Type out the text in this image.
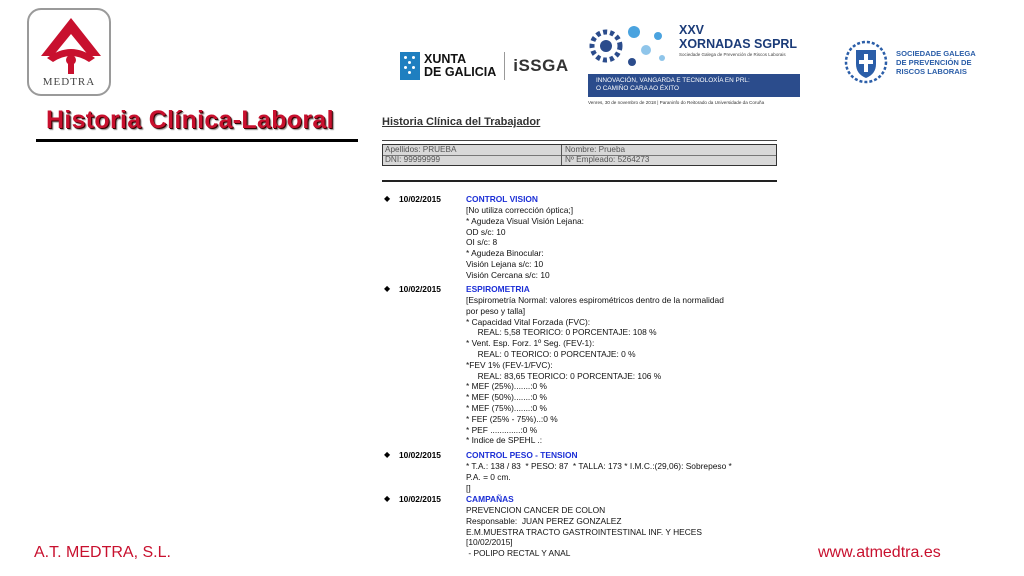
MEDTRA
Historia Clínica-Laboral
XUNTA
DE GALICIA iSSGA
XXV
XORNADAS SGPRL
Sociedade Galega de Prevención de Riscos Laborais
INNOVACIÓN, VANGARDA E TECNOLOXÍA EN PRL:
O CAMIÑO CARA AO ÉXITO
Venres, 30 de novembro de 2018 | Paraninfo do Reitorado da Universidade da Coruña
SOCIEDADE GALEGA
DE PREVENCIÓN DE
RISCOS LABORAIS
Historia Clínica del Trabajador
Apellidos: PRUEBA	Nombre: Prueba
DNI: 99999999	Nº Empleado: 5264273
◆ 10/02/2015	CONTROL VISION
[No utiliza corrección óptica;]
* Agudeza Visual Visión Lejana:
OD s/c: 10
OI s/c: 8
* Agudeza Binocular:
Visión Lejana s/c: 10
Visión Cercana s/c: 10
◆ 10/02/2015	ESPIROMETRIA
[Espirometría Normal: valores espirométricos dentro de la normalidad
por peso y talla]
* Capacidad Vital Forzada (FVC):
REAL: 5,58 TEORICO: 0 PORCENTAJE: 108 %
* Vent. Esp. Forz. 1º Seg. (FEV-1):
REAL: 0 TEORICO: 0 PORCENTAJE: 0 %
*FEV 1% (FEV-1/FVC):
REAL: 83,65 TEORICO: 0 PORCENTAJE: 106 %
* MEF (25%).......:0 %
* MEF (50%).......:0 %
* MEF (75%).......:0 %
* FEF (25% - 75%)..:0 %
* PEF .............:0 %
* Indice de SPEHL .:
◆ 10/02/2015	CONTROL PESO - TENSION
* T.A.: 138 / 83  * PESO: 87  * TALLA: 173 * I.M.C.:(29,06): Sobrepeso *
P.A. = 0 cm.
[]
◆ 10/02/2015	CAMPAÑAS
PREVENCION CANCER DE COLON
Responsable:  JUAN PEREZ GONZALEZ
E.M.MUESTRA TRACTO GASTROINTESTINAL INF. Y HECES
[10/02/2015]
- POLIPO RECTAL Y ANAL
A.T. MEDTRA, S.L.	www.atmedtra.es
